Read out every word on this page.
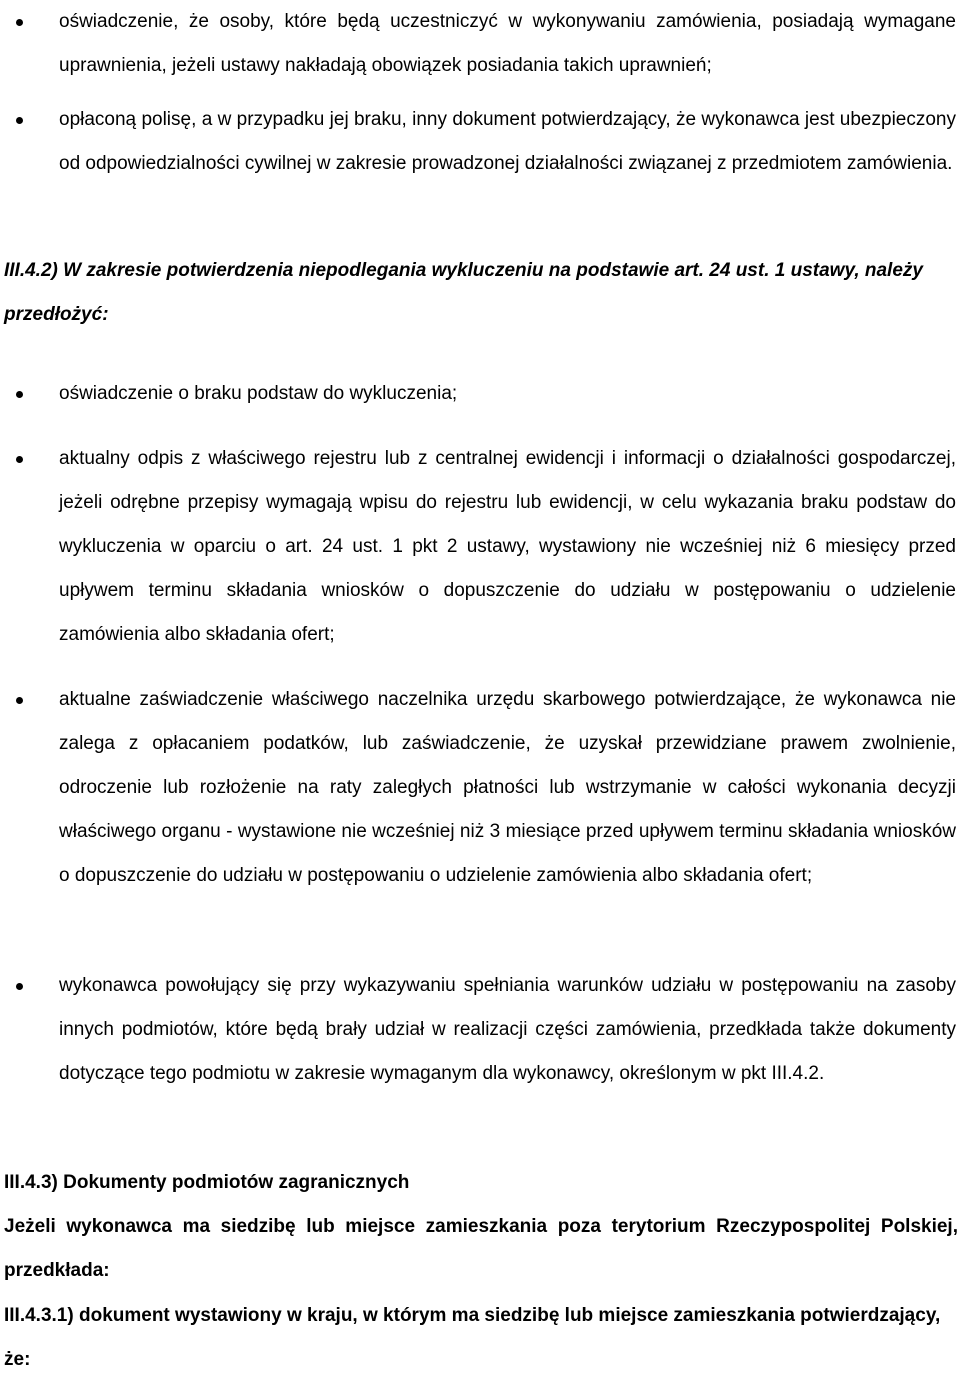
oświadczenie, że osoby, które będą uczestniczyć w wykonywaniu zamówienia, posiadają wymagane uprawnienia, jeżeli ustawy nakładają obowiązek posiadania takich uprawnień;
opłaconą polisę, a w przypadku jej braku, inny dokument potwierdzający, że wykonawca jest ubezpieczony od odpowiedzialności cywilnej w zakresie prowadzonej działalności związanej z przedmiotem zamówienia.

III.4.2) W zakresie potwierdzenia niepodlegania wykluczeniu na podstawie art. 24 ust. 1 ustawy, należy przedłożyć:

oświadczenie o braku podstaw do wykluczenia;
aktualny odpis z właściwego rejestru lub z centralnej ewidencji i informacji o działalności gospodarczej, jeżeli odrębne przepisy wymagają wpisu do rejestru lub ewidencji, w celu wykazania braku podstaw do wykluczenia w oparciu o art. 24 ust. 1 pkt 2 ustawy, wystawiony nie wcześniej niż 6 miesięcy przed upływem terminu składania wniosków o dopuszczenie do udziału w postępowaniu o udzielenie zamówienia albo składania ofert;
aktualne zaświadczenie właściwego naczelnika urzędu skarbowego potwierdzające, że wykonawca nie zalega z opłacaniem podatków, lub zaświadczenie, że uzyskał przewidziane prawem zwolnienie, odroczenie lub rozłożenie na raty zaległych płatności lub wstrzymanie w całości wykonania decyzji właściwego organu - wystawione nie wcześniej niż 3 miesiące przed upływem terminu składania wniosków o dopuszczenie do udziału w postępowaniu o udzielenie zamówienia albo składania ofert;
wykonawca powołujący się przy wykazywaniu spełniania warunków udziału w postępowaniu na zasoby innych podmiotów, które będą brały udział w realizacji części zamówienia, przedkłada także dokumenty dotyczące tego podmiotu w zakresie wymaganym dla wykonawcy, określonym w pkt III.4.2.

III.4.3) Dokumenty podmiotów zagranicznych

Jeżeli wykonawca ma siedzibę lub miejsce zamieszkania poza terytorium Rzeczypospolitej Polskiej, przedkłada:

III.4.3.1) dokument wystawiony w kraju, w którym ma siedzibę lub miejsce zamieszkania potwierdzający, że:
